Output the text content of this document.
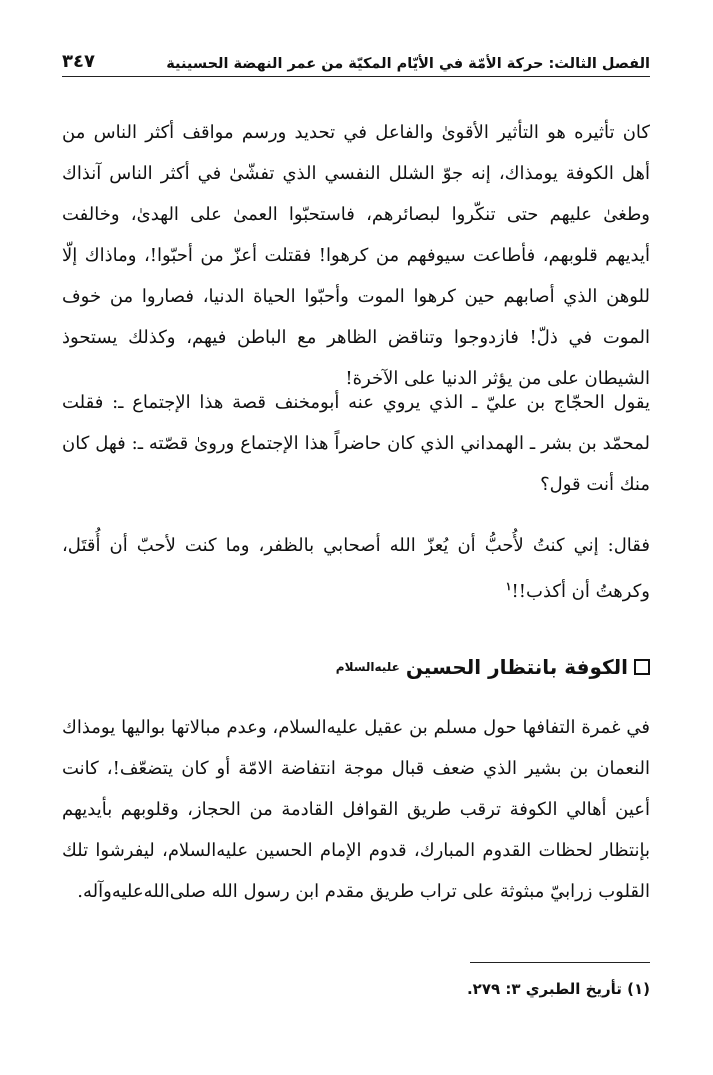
الفصل الثالث: حركة الأمّة في الأيّام المكيّة من عمر النهضة الحسينية
٣٤٧

كان تأثيره هو التأثير الأقوىٰ والفاعل في تحديد ورسم مواقف أكثر الناس من أهل الكوفة يومذاك، إنه جوّ الشلل النفسي الذي تفشّىٰ في أكثر الناس آنذاك وطغىٰ عليهم حتى تنكّروا لبصائرهم، فاستحبّوا العمىٰ على الهدىٰ، وخالفت أيديهم قلوبهم، فأطاعت سيوفهم من كرهوا! فقتلت أعزّ من أحبّوا!، وماذاك إلّا للوهن الذي أصابهم حين كرهوا الموت وأحبّوا الحياة الدنيا، فصاروا من خوف الموت في ذلّ! فازدوجوا وتناقض الظاهر مع الباطن فيهم، وكذلك يستحوذ الشيطان على من يؤثر الدنيا على الآخرة!

يقول الحجّاج بن عليّ ـ الذي يروي عنه أبومخنف قصة هذا الإجتماع ـ: فقلت لمحمّد بن بشر ـ الهمداني الذي كان حاضراً هذا الإجتماع وروىٰ قصّته ـ: فهل كان منك أنت قول؟

فقال: إني كنتُ لأُحبُّ أن يُعزّ الله أصحابي بالظفر، وما كنت لأحبّ أن أُقتَل، وكرهتُ أن أكذب!!$^١$

الكوفة بانتظار الحسين
عليه‌السلام

في غمرة التفافها حول مسلم بن عقيل عليه‌السلام، وعدم مبالاتها بواليها يومذاك النعمان بن بشير الذي ضعف قبال موجة انتفاضة الامّة أو كان يتضعّف!، كانت أعين أهالي الكوفة ترقب طريق القوافل القادمة من الحجاز، وقلوبهم بأيديهم بإنتظار لحظات القدوم المبارك، قدوم الإمام الحسين عليه‌السلام، ليفرشوا تلك القلوب زرابيّ مبثوثة على تراب طريق مقدم ابن رسول الله صلى‌الله‌عليه‌وآله.

(١) تأريخ الطبري ٣: ٢٧٩.
